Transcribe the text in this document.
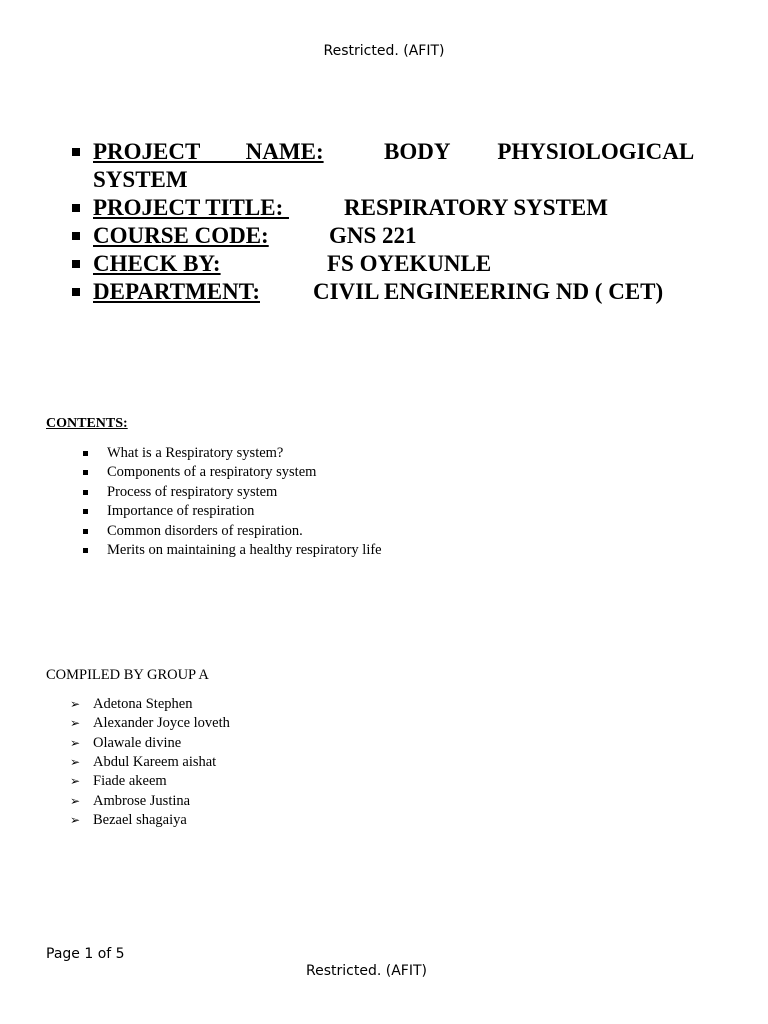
Restricted. (AFIT)
PROJECT NAME:	BODY PHYSIOLOGICAL
SYSTEM
PROJECT TITLE: RESPIRATORY SYSTEM
COURSE CODE:	GNS 221
CHECK BY:	FS OYEKUNLE
DEPARTMENT: CIVIL ENGINEERING ND ( CET)
CONTENTS:
What is a Respiratory system?
Components of a respiratory system
Process of respiratory system
Importance of respiration
Common disorders of respiration.
Merits on maintaining a healthy respiratory life
COMPILED BY GROUP A
➢ Adetona Stephen
➢ Alexander Joyce loveth
➢ Olawale divine
➢ Abdul Kareem aishat
➢ Fiade akeem
➢ Ambrose Justina
➢ Bezael shagaiya
Page 1 of 5
Restricted. (AFIT)
